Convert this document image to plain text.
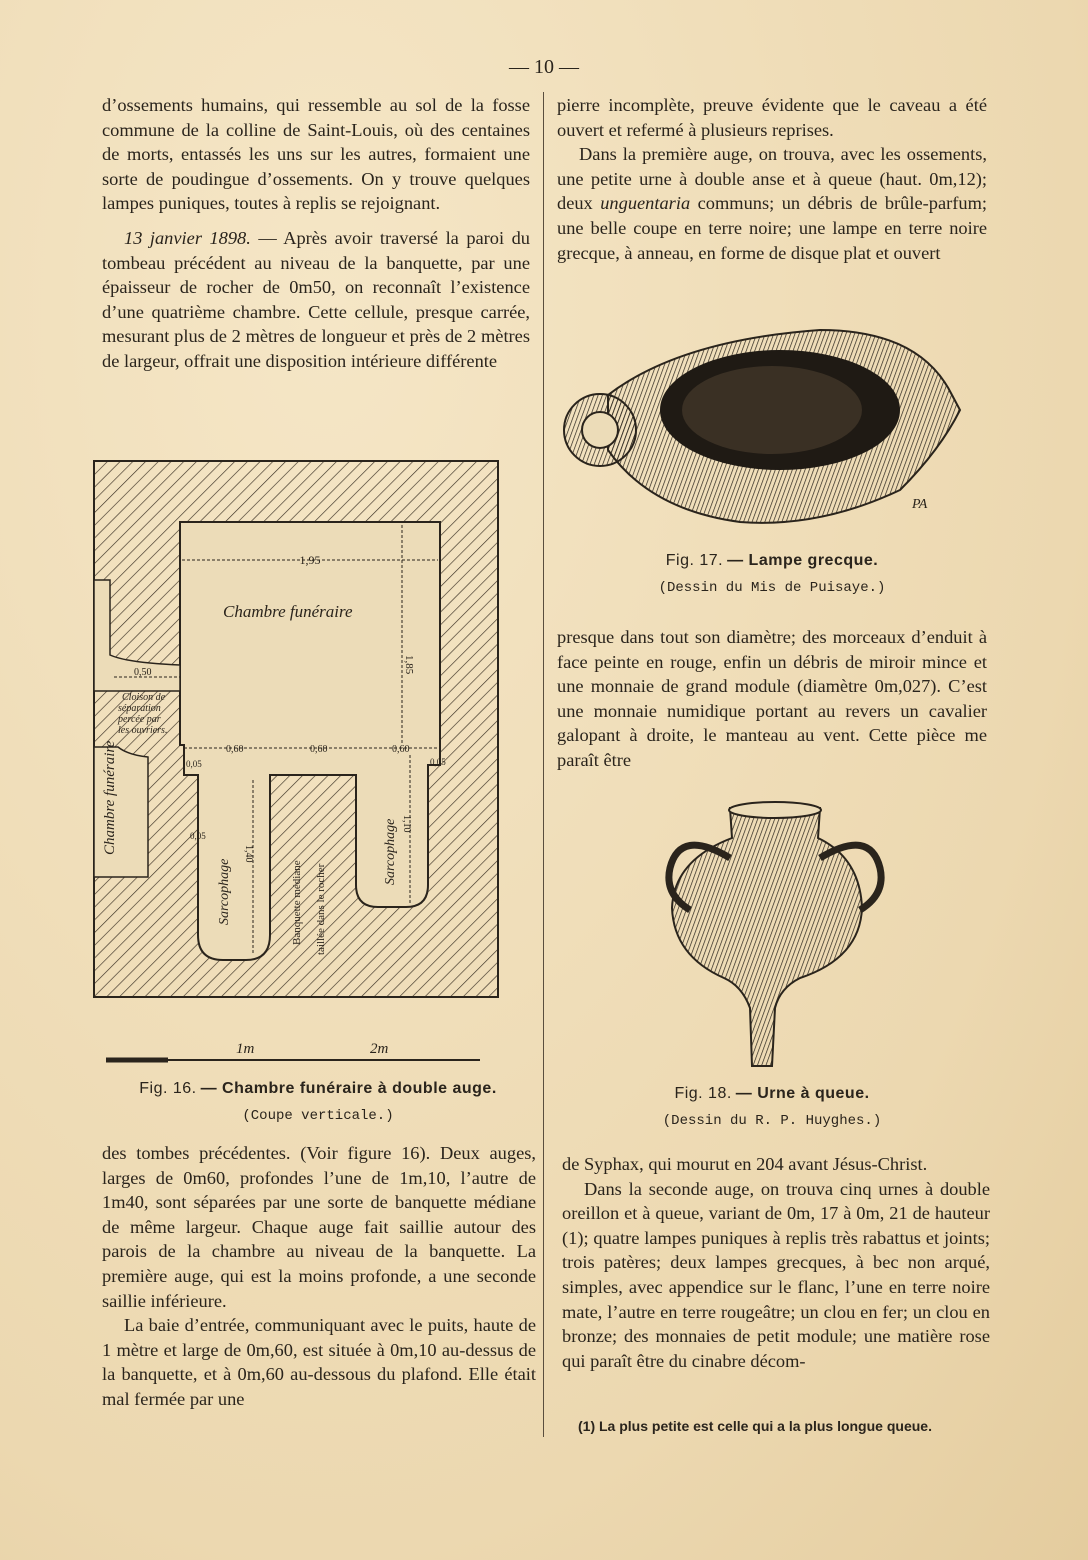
— 10 —

d’ossements humains, qui ressemble au sol de la fosse commune de la colline de Saint-Louis, où des centaines de morts, entassés les uns sur les autres, formaient une sorte de poudingue d’ossements. On y trouve quelques lampes puniques, toutes à replis se rejoignant.

13 janvier 1898. — Après avoir traversé la paroi du tombeau précédent au niveau de la banquette, par une épaisseur de rocher de 0m50, on reconnaît l’existence d’une quatrième chambre. Cette cellule, presque carrée, mesurant plus de 2 mètres de longueur et près de 2 mètres de largeur, offrait une disposition intérieure différente

1,95
1,85
0,60	0,60	0,60
0,50
0,05	0,05
0,05
1,40
1,10
Chambre funéraire
Chambre funéraire
Cloison de
séparation
percée par
les ouvriers.
Sarcophage
Sarcophage
Banquette médiane taillée dans le rocher
1m	2m
Fig. 16. — Chambre funéraire à double auge.
(Coupe verticale.)

des tombes précédentes. (Voir figure 16). Deux auges, larges de 0m60, profondes l’une de 1m,10, l’autre de 1m40, sont séparées par une sorte de banquette médiane de même largeur. Chaque auge fait saillie autour des parois de la chambre au niveau de la banquette. La première auge, qui est la moins profonde, a une seconde saillie inférieure.

La baie d’entrée, communiquant avec le puits, haute de 1 mètre et large de 0m,60, est située à 0m,10 au-dessus de la banquette, et à 0m,60 au-dessous du plafond. Elle était mal fermée par une

pierre incomplète, preuve évidente que le caveau a été ouvert et refermé à plusieurs reprises.

Dans la première auge, on trouva, avec les ossements, une petite urne à double anse et à queue (haut. 0m,12); deux unguentaria communs; un débris de brûle-parfum; une belle coupe en terre noire; une lampe en terre noire grecque, à anneau, en forme de disque plat et ouvert

PA
Fig. 17. — Lampe grecque.
(Dessin du Mis de Puisaye.)

presque dans tout son diamètre; des morceaux d’enduit à face peinte en rouge, enfin un débris de miroir mince et une monnaie de grand module (diamètre 0m,027). C’est une monnaie numidique portant au revers un cavalier galopant à droite, le manteau au vent. Cette pièce me paraît être

Fig. 18. — Urne à queue.
(Dessin du R. P. Huyghes.)

de Syphax, qui mourut en 204 avant Jésus-Christ.

Dans la seconde auge, on trouva cinq urnes à double oreillon et à queue, variant de 0m, 17 à 0m, 21 de hauteur (1); quatre lampes puniques à replis très rabattus et joints; trois patères; deux lampes grecques, à bec non arqué, simples, avec appendice sur le flanc, l’une en terre noire mate, l’autre en terre rougeâtre; un clou en fer; un clou en bronze; des monnaies de petit module; une matière rose qui paraît être du cinabre décom-

(1) La plus petite est celle qui a la plus longue queue.
